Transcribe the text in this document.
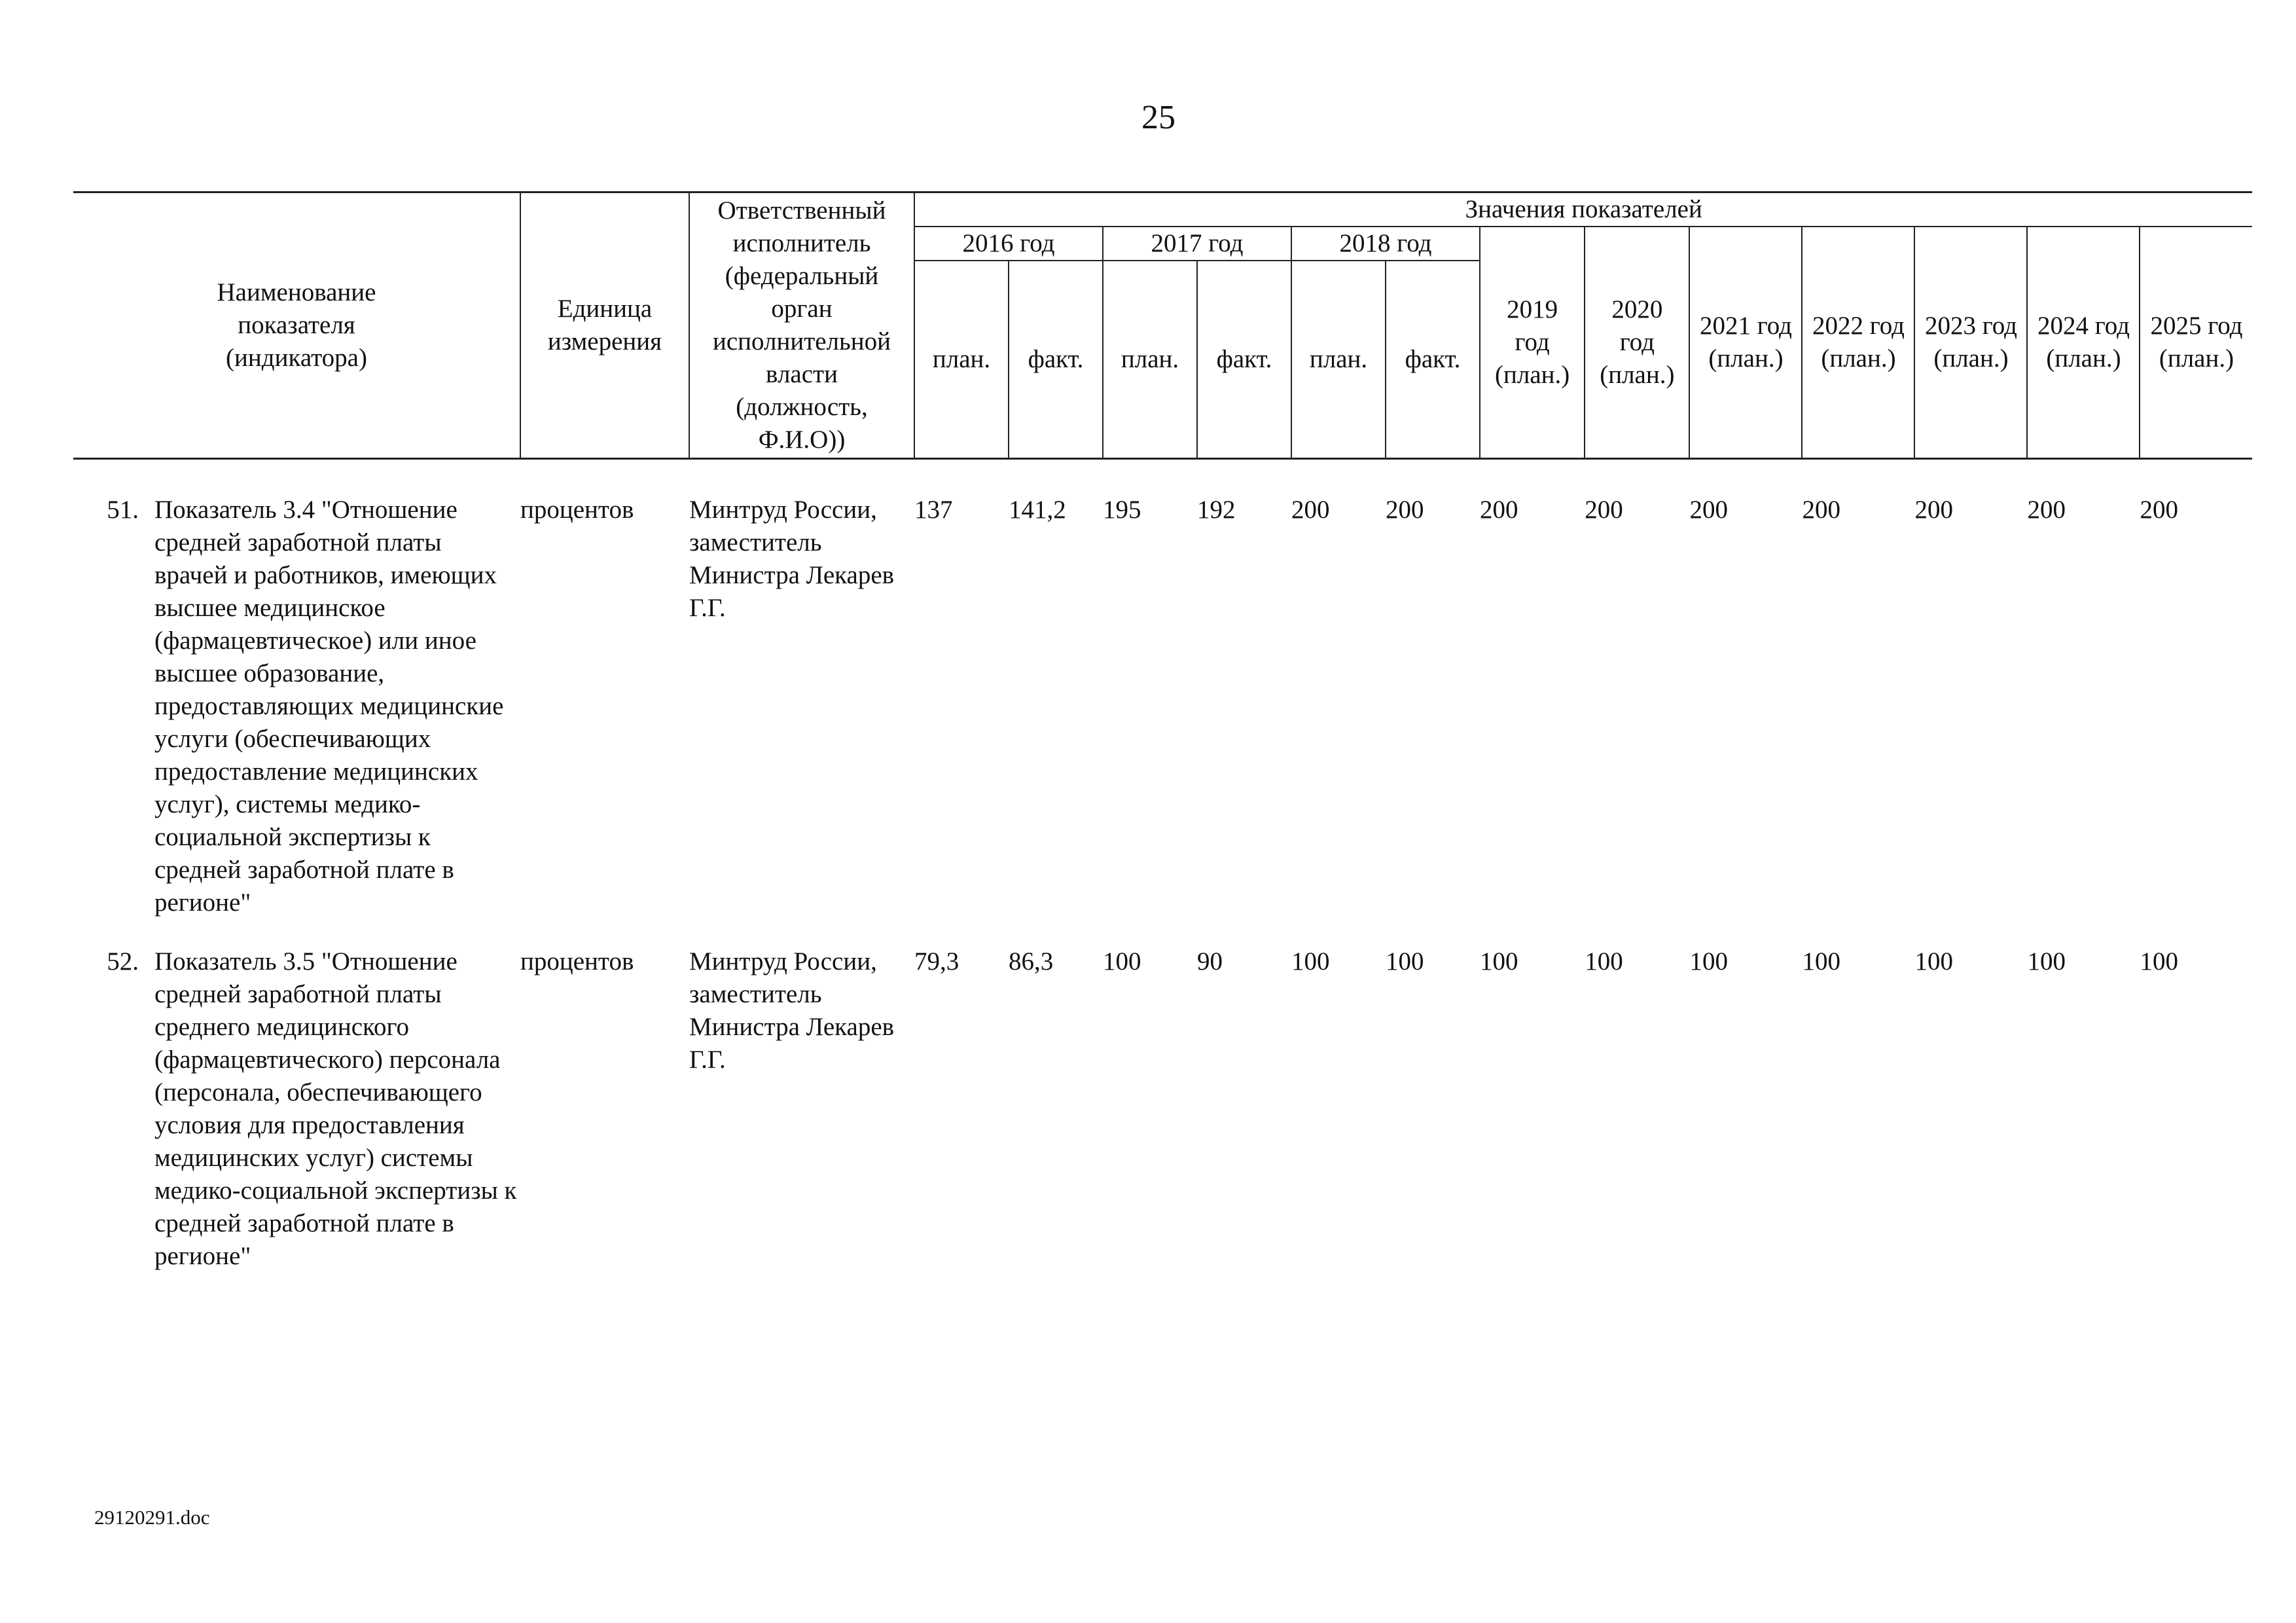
25
Наименование показателя (индикатора)	Единица измерения	Ответственный исполнитель (федеральный орган исполнительной власти (должность, Ф.И.О))	Значения показателей												
			2016 год		2017 год		2018 год		2019 год (план.)	2020 год (план.)	2021 год (план.)	2022 год (план.)	2023 год (план.)	2024 год (план.)	2025 год (план.)
			план.	факт.	план.	факт.	план.	факт.							

51. Показатель 3.4 "Отношение средней заработной платы врачей и работников, имеющих высшее медицинское (фармацевтическое) или иное высшее образование, предоставляющих медицинские услуги (обеспечивающих предоставление медицинских услуг), системы медико-социальной экспертизы к средней заработной плате в регионе"	процентов	Минтруд России, заместитель Министра Лекарев Г.Г.	137	141,2	195	192	200	200	200	200	200	200	200	200	200

52. Показатель 3.5 "Отношение средней заработной платы среднего медицинского (фармацевтического) персонала (персонала, обеспечивающего условия для предоставления медицинских услуг) системы медико-социальной экспертизы к средней заработной плате в регионе"	процентов	Минтруд России, заместитель Министра Лекарев Г.Г.	79,3	86,3	100	90	100	100	100	100	100	100	100	100	100
29120291.doc
